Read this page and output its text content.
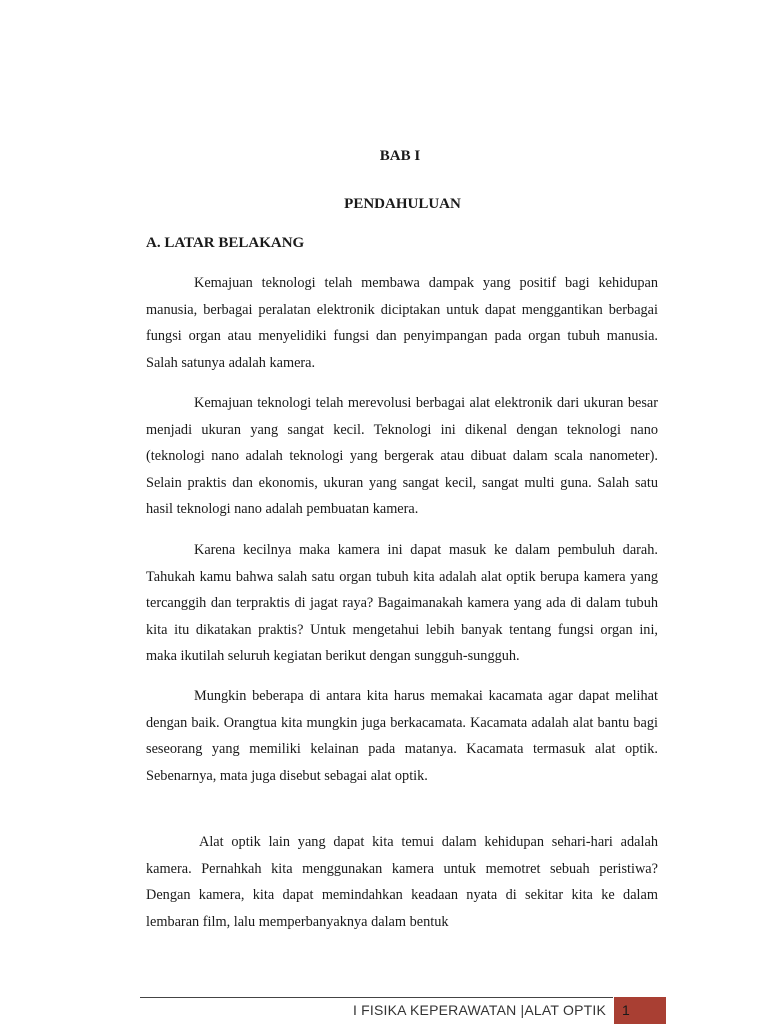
BAB I
PENDAHULUAN
A. LATAR BELAKANG

Kemajuan teknologi telah membawa dampak yang positif bagi kehidupan manusia, berbagai peralatan elektronik diciptakan untuk dapat menggantikan berbagai fungsi organ atau menyelidiki fungsi dan penyimpangan pada organ tubuh manusia. Salah satunya adalah kamera.

Kemajuan teknologi telah merevolusi berbagai alat elektronik dari ukuran besar menjadi ukuran yang sangat kecil. Teknologi ini dikenal dengan teknologi nano (teknologi nano adalah teknologi yang bergerak atau dibuat dalam scala nanometer). Selain praktis dan ekonomis, ukuran yang sangat kecil, sangat multi guna. Salah satu hasil teknologi nano adalah pembuatan kamera.

Karena kecilnya maka kamera ini dapat masuk ke dalam pembuluh darah. Tahukah kamu bahwa salah satu organ tubuh kita adalah alat optik berupa kamera yang tercanggih dan terpraktis di jagat raya? Bagaimanakah kamera yang ada di dalam tubuh kita itu dikatakan praktis? Untuk mengetahui lebih banyak tentang fungsi organ ini, maka ikutilah seluruh kegiatan berikut dengan sungguh-sungguh.

Mungkin beberapa di antara kita harus memakai kacamata agar dapat melihat dengan baik. Orangtua kita mungkin juga berkacamata. Kacamata adalah alat bantu bagi seseorang yang memiliki kelainan pada matanya. Kacamata termasuk alat optik. Sebenarnya, mata juga disebut sebagai alat optik.

Alat optik lain yang dapat kita temui dalam kehidupan sehari-hari adalah kamera. Pernahkah kita menggunakan kamera untuk memotret sebuah peristiwa? Dengan kamera, kita dapat memindahkan keadaan nyata di sekitar kita ke dalam lembaran film, lalu memperbanyaknya dalam bentuk

I FISIKA KEPERAWATAN |ALAT OPTIK 1
